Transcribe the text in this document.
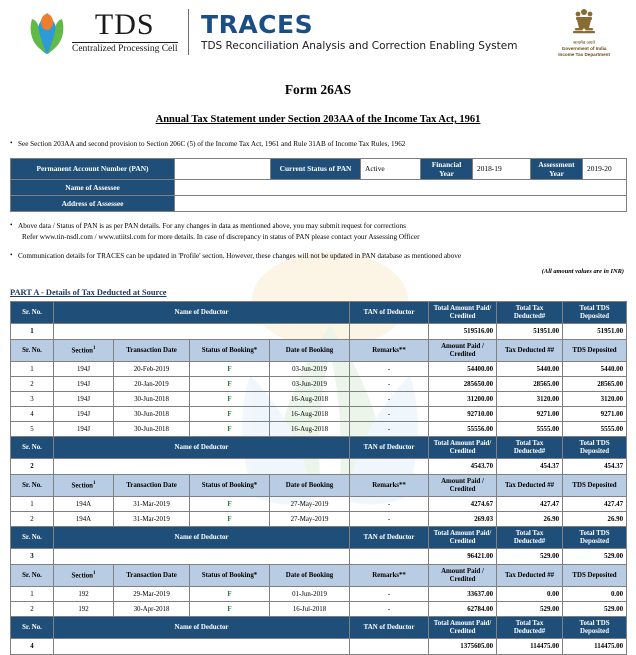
TDS
Centralized Processing Cell
TRACES
TDS Reconciliation Analysis and Correction Enabling System	सत्यमेव जयते
Government of India
Income Tax Department
Form 26AS
Annual Tax Statement under Section 203AA of the Income Tax Act, 1961
• See Section 203AA and second provision to Section 206C (5) of the Income Tax Act, 1961 and Rule 31AB of Income Tax Rules, 1962
Permanent Account Number (PAN)		Current Status of PAN	Active	Financial Year	2018-19	Assessment Year	2019-20
Name of Assessee							
Address of Assessee							
• Above data / Status of PAN is as per PAN details. For any changes in data as mentioned above, you may submit request for corrections
Refer www.tin-nsdl.com / www.utiitsl.com for more details. In case of discrepancy in status of PAN please contact your Assessing Officer
• Communication details for TRACES can be updated in 'Profile' section. However, these changes will not be updated in PAN database as mentioned above
(All amount values are in INR)
PART A - Details of Tax Deducted at Source
Sr. No.	Name of Deductor				TAN of Deductor	Total Amount Paid/ Credited	Total Tax Deducted#	Total TDS Deposited
1						519516.00	51951.00	51951.00
Sr. No.	Section$^1$	Transaction Date	Status of Booking*	Date of Booking	Remarks**	Amount Paid / Credited	Tax Deducted ##	TDS Deposited
1	194J	20-Feb-2019	F	03-Jun-2019	-	54400.00	5440.00	5440.00
2	194J	20-Jan-2019	F	03-Jun-2019	-	285650.00	28565.00	28565.00
3	194J	30-Jun-2018	F	16-Aug-2018	-	31200.00	3120.00	3120.00
4	194J	30-Jun-2018	F	16-Aug-2018	-	92710.00	9271.00	9271.00
5	194J	30-Jun-2018	F	16-Aug-2018	-	55556.00	5555.00	5555.00
Sr. No.	Name of Deductor				TAN of Deductor	Total Amount Paid/ Credited	Total Tax Deducted#	Total TDS Deposited
2						4543.70	454.37	454.37
Sr. No.	Section$^1$	Transaction Date	Status of Booking*	Date of Booking	Remarks**	Amount Paid / Credited	Tax Deducted ##	TDS Deposited
1	194A	31-Mar-2019	F	27-May-2019	-	4274.67	427.47	427.47
2	194A	31-Mar-2019	F	27-May-2019	-	269.03	26.90	26.90
Sr. No.	Name of Deductor				TAN of Deductor	Total Amount Paid/ Credited	Total Tax Deducted#	Total TDS Deposited
3						96421.00	529.00	529.00
Sr. No.	Section$^1$	Transaction Date	Status of Booking*	Date of Booking	Remarks**	Amount Paid / Credited	Tax Deducted ##	TDS Deposited
1	192	29-Mar-2019	F	01-Jun-2019	-	33637.00	0.00	0.00
2	192	30-Apr-2018	F	16-Jul-2018	-	62784.00	529.00	529.00
Sr. No.	Name of Deductor				TAN of Deductor	Total Amount Paid/ Credited	Total Tax Deducted#	Total TDS Deposited
4						1375605.00	114475.00	114475.00
